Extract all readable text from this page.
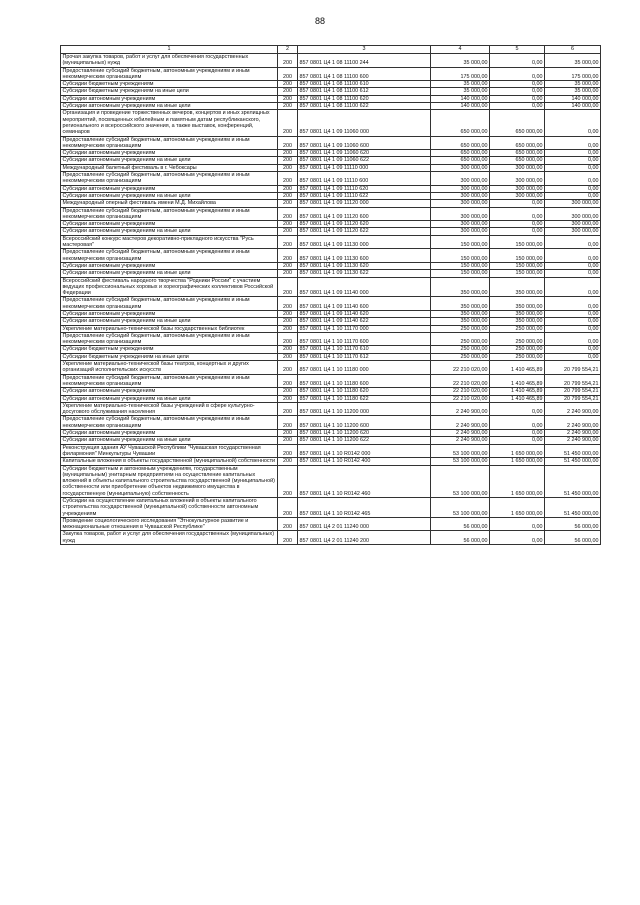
88
1	2	3	4	5	6
Прочая закупка товаров, работ и услуг для обеспечения государственных (муниципальных) нужд	200	857 0801 Ц4 1 08 11100 244	35 000,00	0,00	35 000,00
Предоставление субсидий бюджетным, автономным учреждениям и иным некоммерческим организациям	200	857 0801 Ц4 1 08 11100 600	175 000,00	0,00	175 000,00
Субсидии бюджетным учреждениям	200	857 0801 Ц4 1 08 11100 610	35 000,00	0,00	35 000,00
Субсидии бюджетным учреждениям на иные цели	200	857 0801 Ц4 1 08 11100 612	35 000,00	0,00	35 000,00
Субсидии автономным учреждениям	200	857 0801 Ц4 1 08 11100 620	140 000,00	0,00	140 000,00
Субсидии автономным учреждениям на иные цели	200	857 0801 Ц4 1 08 11100 622	140 000,00	0,00	140 000,00
Организация и проведение торжественных вечеров, концертов и иных зрелищных мероприятий, посвященных юбилейным и памятным датам республиканского, регионального и всероссийского значения, а также выставок, конференций, семинаров	200	857 0801 Ц4 1 09 11060 000	650 000,00	650 000,00	0,00
Предоставление субсидий бюджетным, автономным учреждениям и иным некоммерческим организациям	200	857 0801 Ц4 1 09 11060 600	650 000,00	650 000,00	0,00
Субсидии автономным учреждениям	200	857 0801 Ц4 1 09 11060 620	650 000,00	650 000,00	0,00
Субсидии автономным учреждениям на иные цели	200	857 0801 Ц4 1 09 11060 622	650 000,00	650 000,00	0,00
Международный балетный фестиваль в г. Чебоксары	200	857 0801 Ц4 1 09 11110 000	300 000,00	300 000,00	0,00
Предоставление субсидий бюджетным, автономным учреждениям и иным некоммерческим организациям	200	857 0801 Ц4 1 09 11110 600	300 000,00	300 000,00	0,00
Субсидии автономным учреждениям	200	857 0801 Ц4 1 09 11110 620	300 000,00	300 000,00	0,00
Субсидии автономным учреждениям на иные цели	200	857 0801 Ц4 1 09 11110 622	300 000,00	300 000,00	0,00
Международный оперный фестиваль имени М.Д. Михайлова	200	857 0801 Ц4 1 09 11120 000	300 000,00	0,00	300 000,00
Предоставление субсидий бюджетным, автономным учреждениям и иным некоммерческим организациям	200	857 0801 Ц4 1 09 11120 600	300 000,00	0,00	300 000,00
Субсидии автономным учреждениям	200	857 0801 Ц4 1 09 11120 620	300 000,00	0,00	300 000,00
Субсидии автономным учреждениям на иные цели	200	857 0801 Ц4 1 09 11120 622	300 000,00	0,00	300 000,00
Всероссийский конкурс мастеров декоративно-прикладного искусства "Русь мастеровая"	200	857 0801 Ц4 1 09 11130 000	150 000,00	150 000,00	0,00
Предоставление субсидий бюджетным, автономным учреждениям и иным некоммерческим организациям	200	857 0801 Ц4 1 09 11130 600	150 000,00	150 000,00	0,00
Субсидии автономным учреждениям	200	857 0801 Ц4 1 09 11130 620	150 000,00	150 000,00	0,00
Субсидии автономным учреждениям на иные цели	200	857 0801 Ц4 1 09 11130 622	150 000,00	150 000,00	0,00
Всероссийский фестиваль народного творчества "Родники России" с участием ведущих профессиональных хоровых и хореографических коллективов Российской Федерации	200	857 0801 Ц4 1 09 11140 000	350 000,00	350 000,00	0,00
Предоставление субсидий бюджетным, автономным учреждениям и иным некоммерческим организациям	200	857 0801 Ц4 1 09 11140 600	350 000,00	350 000,00	0,00
Субсидии автономным учреждениям	200	857 0801 Ц4 1 09 11140 620	350 000,00	350 000,00	0,00
Субсидии автономным учреждениям на иные цели	200	857 0801 Ц4 1 09 11140 622	350 000,00	350 000,00	0,00
Укрепление материально-технической базы государственных библиотек	200	857 0801 Ц4 1 10 11170 000	250 000,00	250 000,00	0,00
Предоставление субсидий бюджетным, автономным учреждениям и иным некоммерческим организациям	200	857 0801 Ц4 1 10 11170 600	250 000,00	250 000,00	0,00
Субсидии бюджетным учреждениям	200	857 0801 Ц4 1 10 11170 610	250 000,00	250 000,00	0,00
Субсидии бюджетным учреждениям на иные цели	200	857 0801 Ц4 1 10 11170 612	250 000,00	250 000,00	0,00
Укрепление материально-технической базы театров, концертных и других организаций исполнительских искусств	200	857 0801 Ц4 1 10 11180 000	22 210 020,00	1 410 465,89	20 799 554,21
Предоставление субсидий бюджетным, автономным учреждениям и иным некоммерческим организациям	200	857 0801 Ц4 1 10 11180 600	22 210 020,00	1 410 465,89	20 799 554,21
Субсидии автономным учреждениям	200	857 0801 Ц4 1 10 11180 620	22 210 020,00	1 410 465,89	20 799 554,21
Субсидии автономным учреждениям на иные цели	200	857 0801 Ц4 1 10 11180 622	22 210 020,00	1 410 465,89	20 799 554,21
Укрепление материально-технической базы учреждений в сфере культурно-досугового обслуживания населения	200	857 0801 Ц4 1 10 11200 000	2 240 900,00	0,00	2 240 900,00
Предоставление субсидий бюджетным, автономным учреждениям и иным некоммерческим организациям	200	857 0801 Ц4 1 10 11200 600	2 240 900,00	0,00	2 240 900,00
Субсидии автономным учреждениям	200	857 0801 Ц4 1 10 11200 620	2 240 900,00	0,00	2 240 900,00
Субсидии автономным учреждениям на иные цели	200	857 0801 Ц4 1 10 11200 622	2 240 900,00	0,00	2 240 900,00
Реконструкция здания АУ Чувашской Республики "Чувашская государственная филармония" Минкультуры Чувашии	200	857 0801 Ц4 1 10 R0142 000	53 100 000,00	1 650 000,00	51 450 000,00
Капитальные вложения в объекты государственной (муниципальной) собственности	200	857 0801 Ц4 1 10 R0142 400	53 100 000,00	1 650 000,00	51 450 000,00
Субсидии бюджетным и автономным учреждениям, государственным (муниципальным) унитарным предприятиям на осуществление капитальных вложений в объекты капитального строительства государственной (муниципальной) собственности или приобретение объектов недвижимого имущества в государственную (муниципальную) собственность	200	857 0801 Ц4 1 10 R0142 460	53 100 000,00	1 650 000,00	51 450 000,00
Субсидии на осуществление капитальных вложений в объекты капитального строительства государственной (муниципальной) собственности автономным учреждениям	200	857 0801 Ц4 1 10 R0142 465	53 100 000,00	1 650 000,00	51 450 000,00
Проведение социологического исследования "Этнокультурное развитие и межнациональные отношения в Чувашской Республике"	200	857 0801 Ц4 2 01 11240 000	56 000,00	0,00	56 000,00
Закупка товаров, работ и услуг для обеспечения государственных (муниципальных) нужд	200	857 0801 Ц4 2 01 11240 200	56 000,00	0,00	56 000,00
